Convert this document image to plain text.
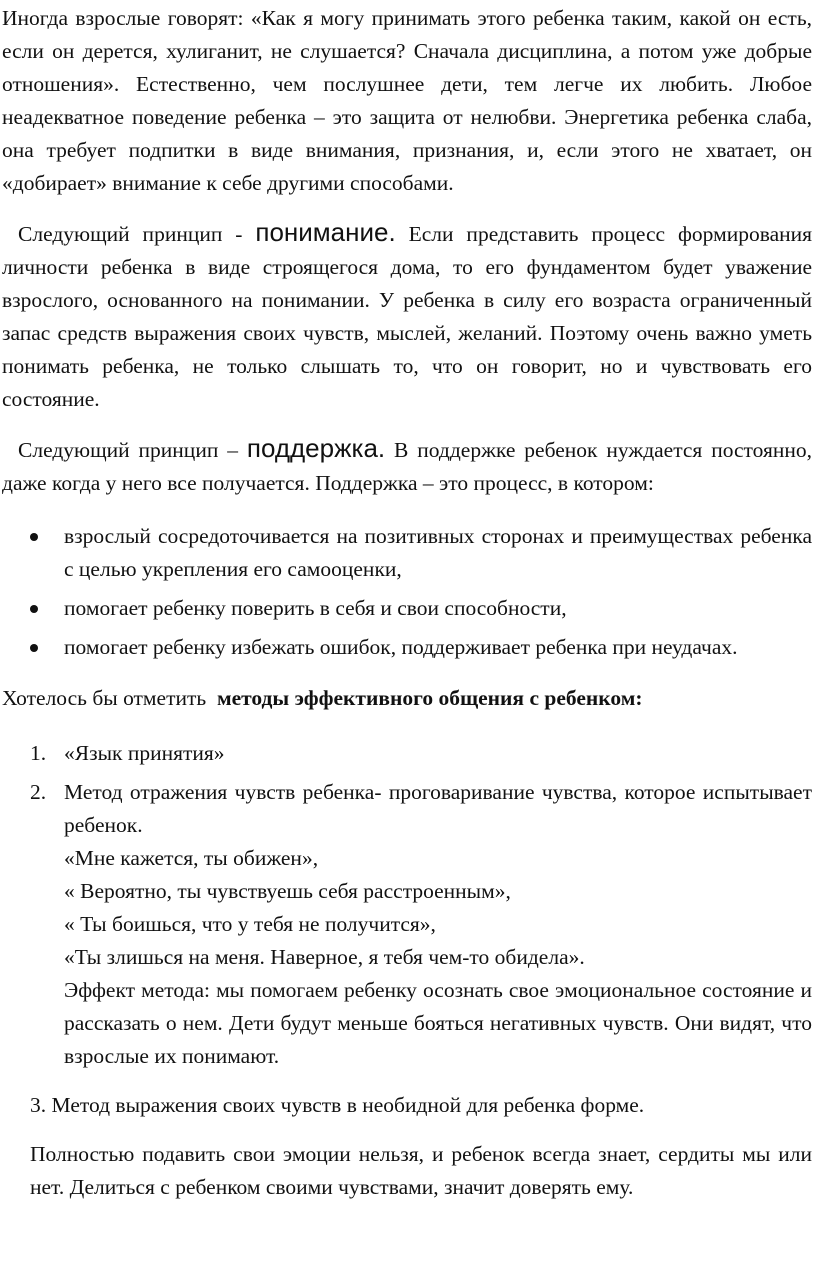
Иногда взрослые говорят: «Как я могу принимать этого ребенка таким, какой он есть, если он дерется, хулиганит, не слушается? Сначала дисциплина, а потом уже добрые отношения». Естественно, чем послушнее дети, тем легче их любить. Любое неадекватное поведение ребенка – это защита от нелюбви. Энергетика ребенка слаба, она требует подпитки в виде внимания, признания, и, если этого не хватает, он «добирает» внимание к себе другими способами.

Следующий принцип - понимание. Если представить процесс формирования личности ребенка в виде строящегося дома, то его фундаментом будет уважение взрослого, основанного на понимании. У ребенка в силу его возраста ограниченный запас средств выражения своих чувств, мыслей, желаний. Поэтому очень важно уметь понимать ребенка, не только слышать то, что он говорит, но и чувствовать его состояние.

Следующий принцип – поддержка. В поддержке ребенок нуждается постоянно, даже когда у него все получается. Поддержка – это процесс, в котором:

взрослый сосредоточивается на позитивных сторонах и преимуществах ребенка с целью укрепления его самооценки,
помогает ребенку поверить в себя и свои способности,
помогает ребенку избежать ошибок, поддерживает ребенка при неудачах.

Хотелось бы отметить методы эффективного общения с ребенком:

1. «Язык принятия»
2. Метод отражения чувств ребенка- проговаривание чувства, которое испытывает ребенок.
«Мне кажется, ты обижен»,
« Вероятно, ты чувствуешь себя расстроенным»,
« Ты боишься, что у тебя не получится»,
«Ты злишься на меня. Наверное, я тебя чем-то обидела».
Эффект метода: мы помогаем ребенку осознать свое эмоциональное состояние и рассказать о нем. Дети будут меньше бояться негативных чувств. Они видят, что взрослые их понимают.

3. Метод выражения своих чувств в необидной для ребенка форме.

Полностью подавить свои эмоции нельзя, и ребенок всегда знает, сердиты мы или нет. Делиться с ребенком своими чувствами, значит доверять ему.
